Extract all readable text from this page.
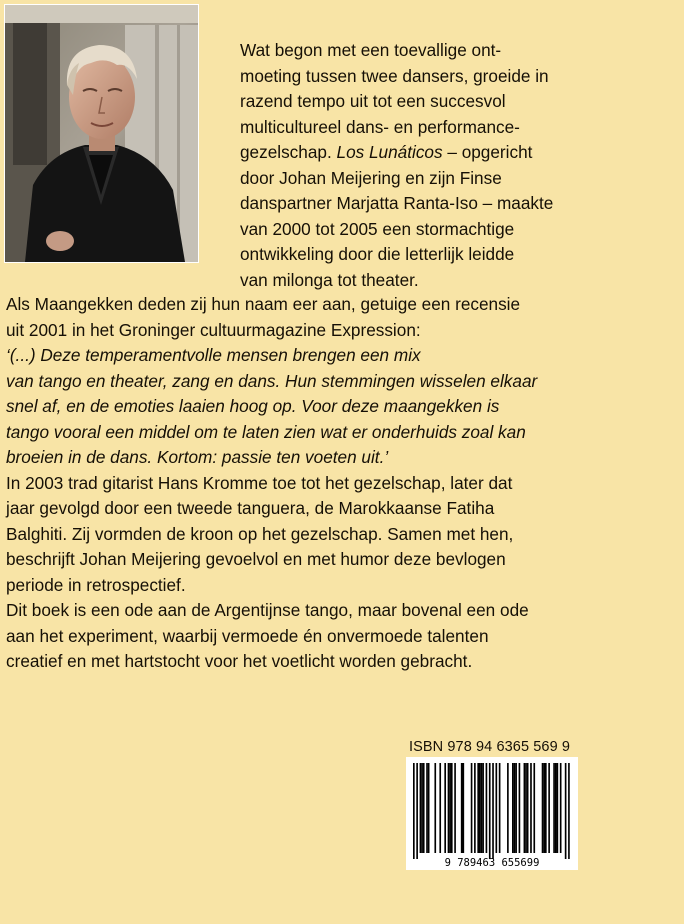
Wat begon met een toevallige ont-
moeting tussen twee dansers, groeide in
razend tempo uit tot een succesvol
multicultureel dans- en performance-
gezelschap. Los Lunáticos – opgericht
door Johan Meijering en zijn Finse
danspartner Marjatta Ranta-Iso – maakte
van 2000 tot 2005 een stormachtige
ontwikkeling door die letterlijk leidde
van milonga tot theater.

Als Maangekken deden zij hun naam eer aan, getuige een recensie
uit 2001 in het Groninger cultuurmagazine Expression:
‘(...) Deze temperamentvolle mensen brengen een mix
van tango en theater, zang en dans. Hun stemmingen wisselen elkaar
snel af, en de emoties laaien hoog op. Voor deze maangekken is
tango vooral een middel om te laten zien wat er onderhuids zoal kan
broeien in de dans. Kortom: passie ten voeten uit.’
In 2003 trad gitarist Hans Kromme toe tot het gezelschap, later dat
jaar gevolgd door een tweede tanguera, de Marokkaanse Fatiha
Balghiti. Zij vormden de kroon op het gezelschap. Samen met hen,
beschrijft Johan Meijering gevoelvol en met humor deze bevlogen
periode in retrospectief.
Dit boek is een ode aan de Argentijnse tango, maar bovenal een ode
aan het experiment, waarbij vermoede én onvermoede talenten
creatief en met hartstocht voor het voetlicht worden gebracht.

ISBN 978 94 6365 569 9
9 789463 655699
